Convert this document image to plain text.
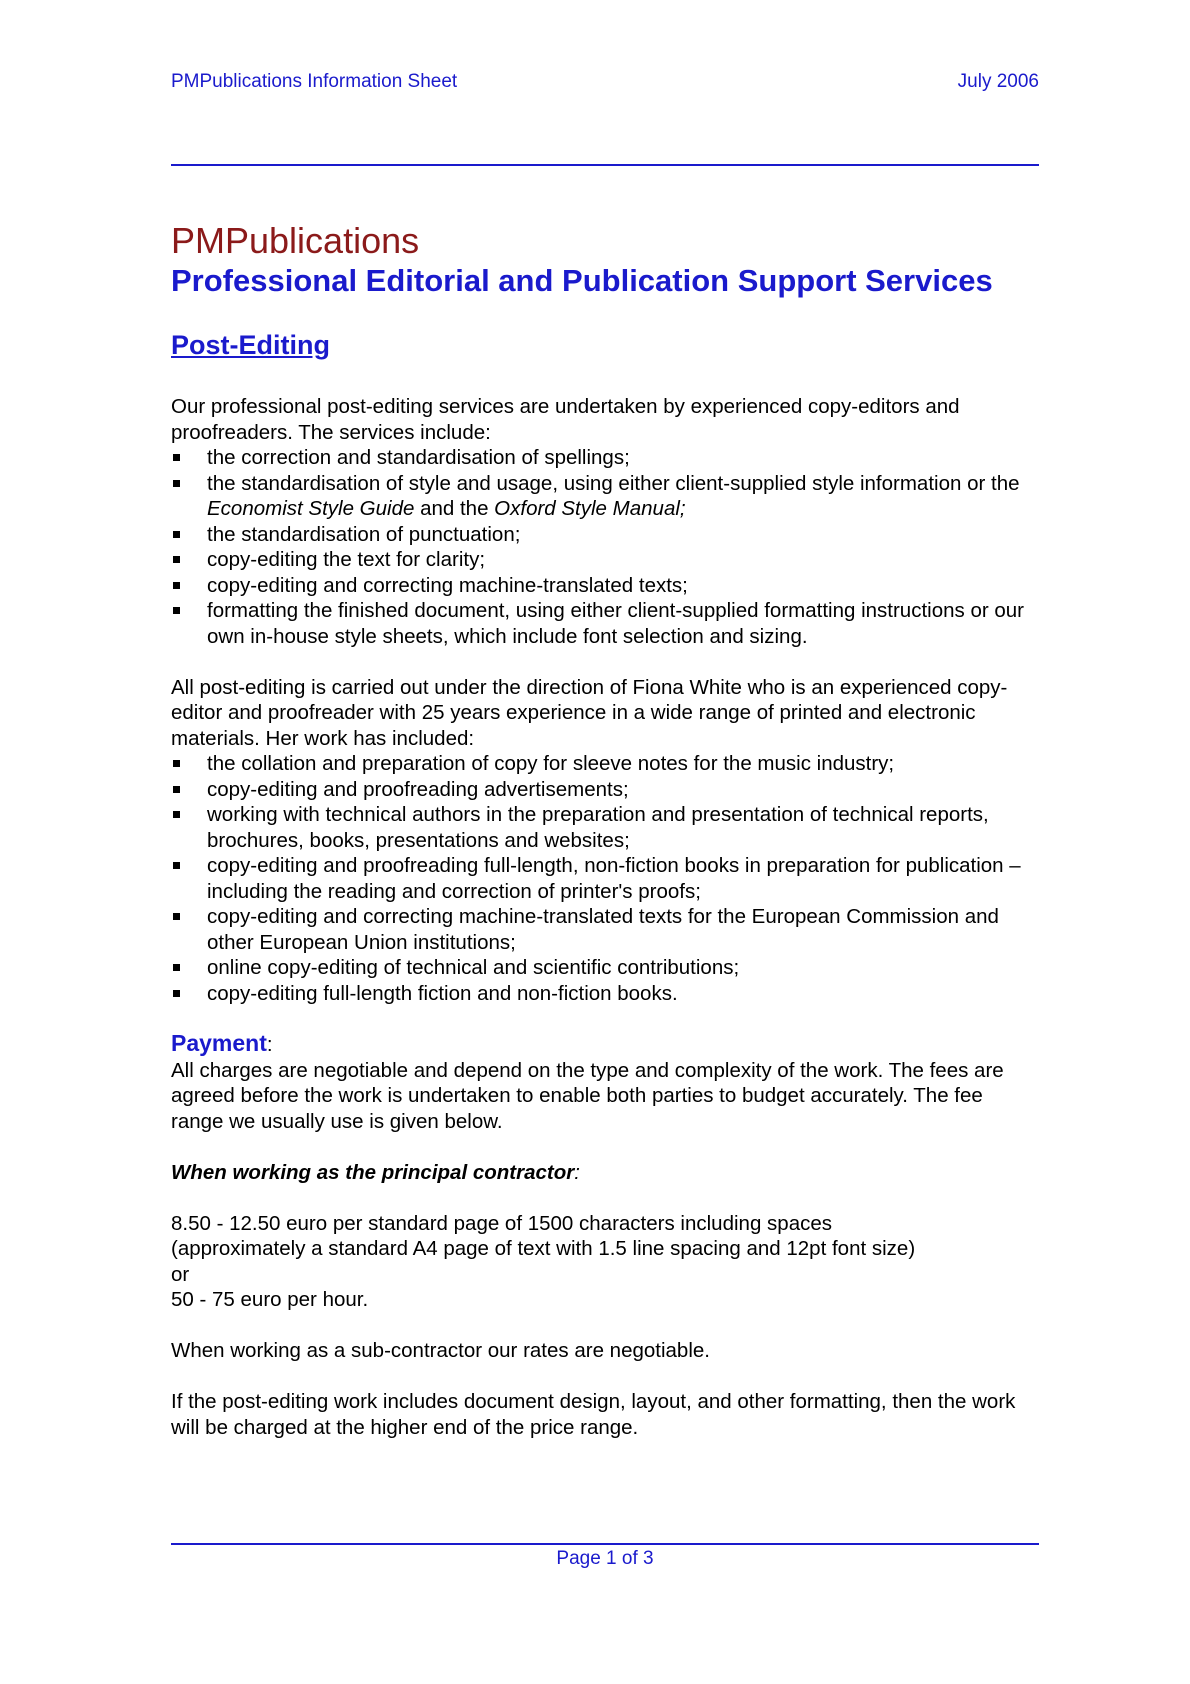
PMPublications Information Sheet	July 2006
PMPublications
Professional Editorial and Publication Support Services
Post-Editing

Our professional post-editing services are undertaken by experienced copy-editors and proofreaders. The services include:

the correction and standardisation of spellings;
the standardisation of style and usage, using either client-supplied style information or the Economist Style Guide and the Oxford Style Manual;
the standardisation of punctuation;
copy-editing the text for clarity;
copy-editing and correcting machine-translated texts;
formatting the finished document, using either client-supplied formatting instructions or our own in-house style sheets, which include font selection and sizing.

All post-editing is carried out under the direction of Fiona White who is an experienced copy-editor and proofreader with 25 years experience in a wide range of printed and electronic materials. Her work has included:

the collation and preparation of copy for sleeve notes for the music industry;
copy-editing and proofreading advertisements;
working with technical authors in the preparation and presentation of technical reports, brochures, books, presentations and websites;
copy-editing and proofreading full-length, non-fiction books in preparation for publication – including the reading and correction of printer's proofs;
copy-editing and correcting machine-translated texts for the European Commission and other European Union institutions;
online copy-editing of technical and scientific contributions;
copy-editing full-length fiction and non-fiction books.

Payment:

All charges are negotiable and depend on the type and complexity of the work. The fees are agreed before the work is undertaken to enable both parties to budget accurately. The fee range we usually use is given below.

When working as the principal contractor:

8.50 - 12.50 euro per standard page of 1500 characters including spaces

(approximately a standard A4 page of text with 1.5 line spacing and 12pt font size)

or

50 - 75 euro per hour.

When working as a sub-contractor our rates are negotiable.

If the post-editing work includes document design, layout, and other formatting, then the work will be charged at the higher end of the price range.

Page 1 of 3
